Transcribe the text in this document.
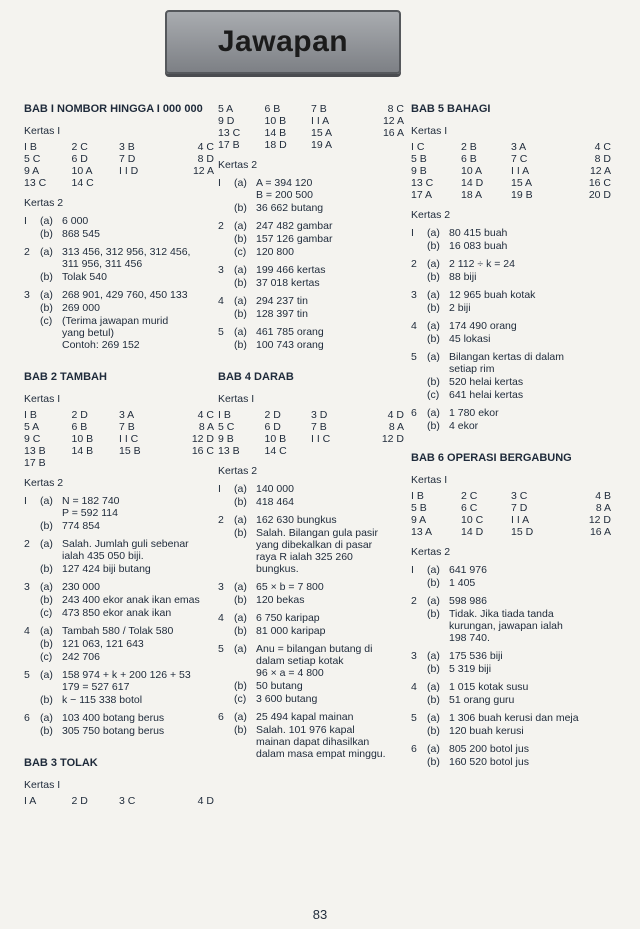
Jawapan
BAB I NOMBOR HINGGA I 000 000
Kertas I
I B	2 C	3 B	4 C
5 C	6 D	7 D	8 D
9 A	10 A	I I D	12 A
13 C	14 C
Kertas 2
I	(a) 6 000
(b) 868 545
2 (a) 313 456, 312 956, 312 456,
311 956, 311 456
(b) Tolak 540
3 (a) 268 901, 429 760, 450 133
(b) 269 000
(c) (Terima jawapan murid
yang betul)
Contoh: 269 152
BAB 2 TAMBAH
Kertas I
I B	2 D	3 A	4 C
5 A	6 B	7 B	8 A
9 C	10 B	I I C	12 D
13 B	14 B	15 B	16 C
17 B
Kertas 2
I	(a) N = 182 740
P = 592 114
(b) 774 854
2 (a) Salah. Jumlah guli sebenar
ialah 435 050 biji.
(b) 127 424 biji butang
3 (a) 230 000
(b) 243 400 ekor anak ikan emas
(c) 473 850 ekor anak ikan
4 (a) Tambah 580 / Tolak 580
(b) 121 063, 121 643
(c) 242 706
5 (a) 158 974 + k + 200 126 + 53
179 = 527 617
(b) k − 115 338 botol
6 (a) 103 400 botang berus
(b) 305 750 botang berus
BAB 3 TOLAK
Kertas I
I A	2 D	3 C	4 D
5 A	6 B	7 B	8 C
9 D	10 B	I I A	12 A
13 C	14 B	15 A	16 A
17 B	18 D	19 A
Kertas 2
I	(a) A = 394 120
B = 200 500
(b) 36 662 butang
2 (a) 247 482 gambar
(b) 157 126 gambar
(c) 120 800
3 (a) 199 466 kertas
(b) 37 018 kertas
4 (a) 294 237 tin
(b) 128 397 tin
5 (a) 461 785 orang
(b) 100 743 orang
BAB 4 DARAB
Kertas I
I B	2 D	3 D	4 D
5 C	6 D	7 B	8 A
9 B	10 B	I I C	12 D
13 B	14 C
Kertas 2
I	(a) 140 000
(b) 418 464
2 (a) 162 630 bungkus
(b) Salah. Bilangan gula pasir
yang dibekalkan di pasar
raya R ialah 325 260
bungkus.
3 (a) 65 × b = 7 800
(b) 120 bekas
4 (a) 6 750 karipap
(b) 81 000 karipap
5 (a) Anu = bilangan butang di
dalam setiap kotak
96 × a = 4 800
(b) 50 butang
(c) 3 600 butang
6 (a) 25 494 kapal mainan
(b) Salah. 101 976 kapal
mainan dapat dihasilkan
dalam masa empat minggu.
BAB 5 BAHAGI
Kertas I
I C	2 B	3 A	4 C
5 B	6 B	7 C	8 D
9 B	10 A	I I A	12 A
13 C	14 D	15 A	16 C
17 A	18 A	19 B	20 D
Kertas 2
I	(a) 80 415 buah
(b) 16 083 buah
2 (a) 2 112 ÷ k = 24
(b) 88 biji
3 (a) 12 965 buah kotak
(b) 2 biji
4 (a) 174 490 orang
(b) 45 lokasi
5 (a) Bilangan kertas di dalam
setiap rim
(b) 520 helai kertas
(c) 641 helai kertas
6 (a) 1 780 ekor
(b) 4 ekor
BAB 6 OPERASI BERGABUNG
Kertas I
I B	2 C	3 C	4 B
5 B	6 C	7 D	8 A
9 A	10 C	I I A	12 D
13 A	14 D	15 D	16 A
Kertas 2
I	(a) 641 976
(b) 1 405
2 (a) 598 986
(b) Tidak. Jika tiada tanda
kurungan, jawapan ialah
198 740.
3 (a) 175 536 biji
(b) 5 319 biji
4 (a) 1 015 kotak susu
(b) 51 orang guru
5 (a) 1 306 buah kerusi dan meja
(b) 120 buah kerusi
6 (a) 805 200 botol jus
(b) 160 520 botol jus
83
